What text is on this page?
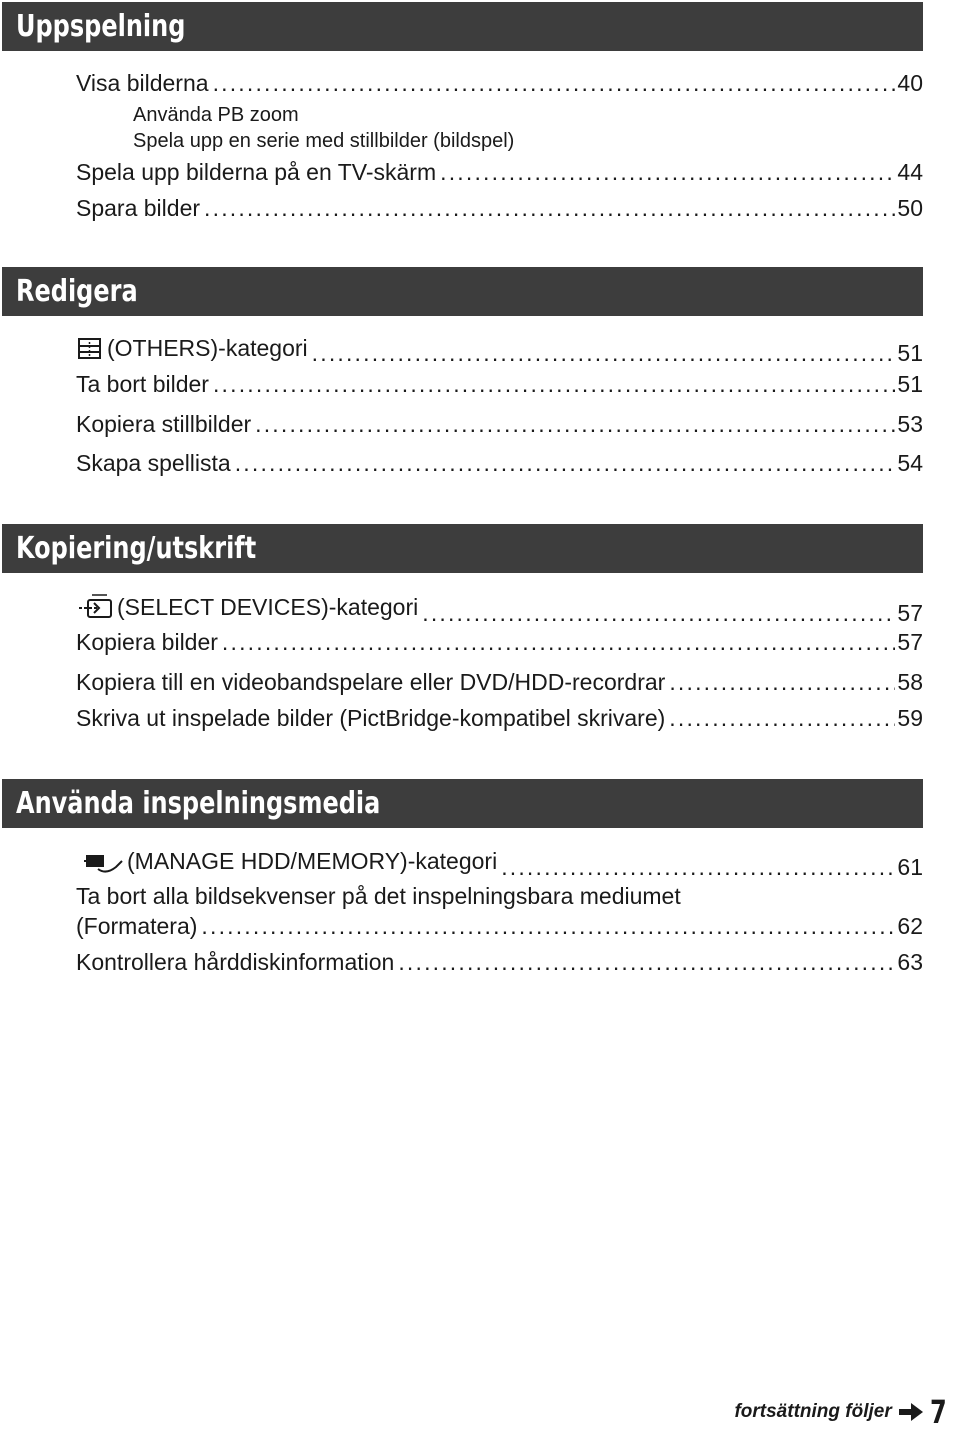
Uppspelning
Visa bilderna . . .	40
Använda PB zoom
Spela upp en serie med stillbilder (bildspel)
Spela upp bilderna på en TV-skärm . . .	44
Spara bilder . . .	50
Redigera
(OTHERS)-kategori . . .	51
Ta bort bilder . . .	51
Kopiera stillbilder . . .	53
Skapa spellista . . .	54
Kopiering/utskrift
(SELECT DEVICES)-kategori . . .	57
Kopiera bilder . . .	57
Kopiera till en videobandspelare eller DVD/HDD-recordrar . . .	58
Skriva ut inspelade bilder (PictBridge-kompatibel skrivare) . . .	59
Använda inspelningsmedia
(MANAGE HDD/MEMORY)-kategori . . .	61
Ta bort alla bildsekvenser på det inspelningsbara mediumet
(Formatera) . . .	62
Kontrollera hårddiskinformation . . .	63
fortsättning följer 7
